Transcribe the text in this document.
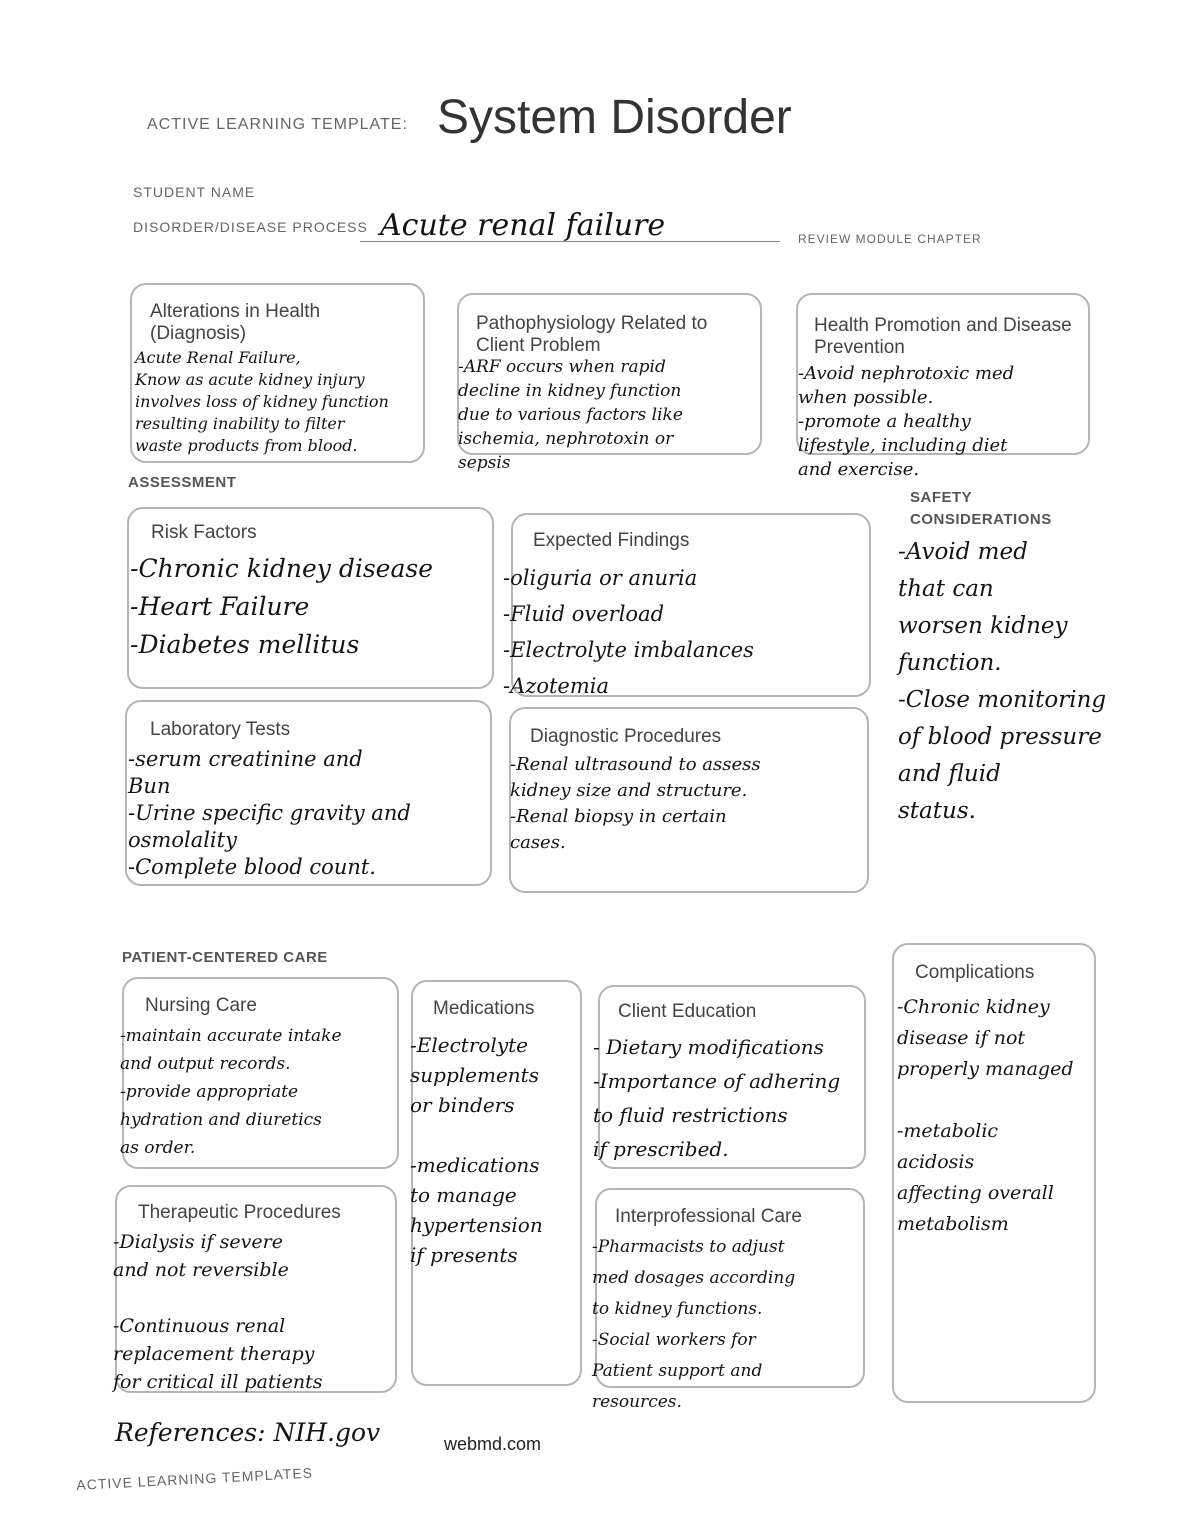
ACTIVE LEARNING TEMPLATE: System Disorder
STUDENT NAME
DISORDER/DISEASE PROCESS Acute renal failure	REVIEW MODULE CHAPTER
Alterations in Health (Diagnosis)
Acute Renal Failure,
Know as acute kidney injury
involves loss of kidney function
resulting inability to filter
waste products from blood.
Pathophysiology Related to Client Problem
-ARF occurs when rapid
decline in kidney function
due to various factors like
ischemia, nephrotoxin or
sepsis
Health Promotion and Disease Prevention
-Avoid nephrotoxic med
when possible.
-promote a healthy
lifestyle, including diet
and exercise.
ASSESSMENT
Risk Factors
-Chronic kidney disease
-Heart Failure
-Diabetes mellitus
Expected Findings
-oliguria or anuria
-Fluid overload
-Electrolyte imbalances
-Azotemia
Laboratory Tests
-serum creatinine and
Bun
-Urine specific gravity and
osmolality
-Complete blood count.
Diagnostic Procedures
-Renal ultrasound to assess
kidney size and structure.
-Renal biopsy in certain
cases.
SAFETY CONSIDERATIONS
-Avoid med
that can
worsen kidney
function.
-Close monitoring
of blood pressure
and fluid
status.
PATIENT-CENTERED CARE
Nursing Care
-maintain accurate intake
and output records.
-provide appropriate
hydration and diuretics
as order.
Medications
-Electrolyte
supplements
or binders

-medications
to manage
hypertension
if presents
Client Education
- Dietary modifications
-Importance of adhering
to fluid restrictions
if prescribed.
Therapeutic Procedures
-Dialysis if severe
and not reversible

-Continuous renal
replacement therapy
for critical ill patients
Interprofessional Care
-Pharmacists to adjust
med dosages according
to kidney functions.
-Social workers for
Patient support and
resources.
Complications
-Chronic kidney
disease if not
properly managed

-metabolic
acidosis
affecting overall
metabolism
References: NIH.gov	webmd.com
ACTIVE LEARNING TEMPLATES
